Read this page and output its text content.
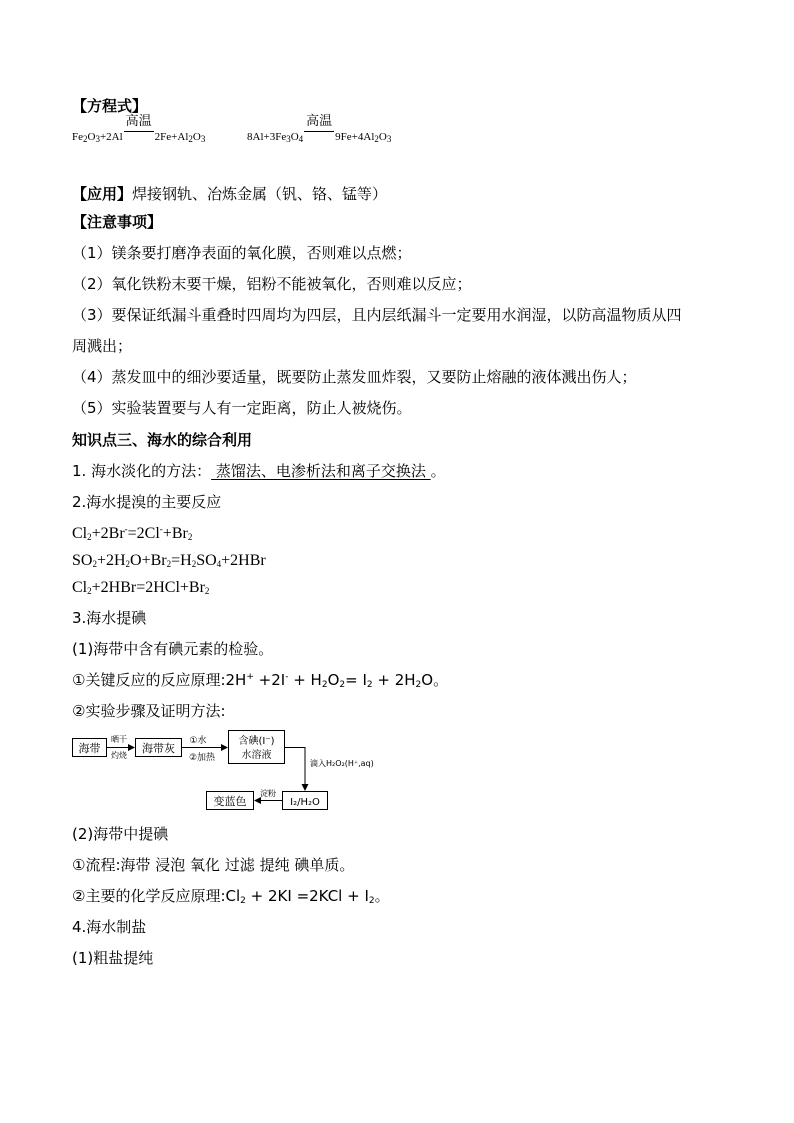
【方程式】
$Fe_2O_3+2Al$
高温
$2Fe+Al_2O_3$	$8Al+3Fe_3O_4$
高温
$9Fe+4Al_2O_3$
【应用】焊接钢轨、冶炼金属（钒、铬、锰等）
【注意事项】
（1）镁条要打磨净表面的氧化膜，否则难以点燃；
（2）氧化铁粉末要干燥，铝粉不能被氧化，否则难以反应；
（3）要保证纸漏斗重叠时四周均为四层，且内层纸漏斗一定要用水润湿，以防高温物质从四
周溅出；
（4）蒸发皿中的细沙要适量，既要防止蒸发皿炸裂，又要防止熔融的液体溅出伤人；
（5）实验装置要与人有一定距离，防止人被烧伤。
知识点三、海水的综合利用
1. 海水淡化的方法： 蒸馏法、电渗析法和离子交换法 。
2.海水提溴的主要反应
$Cl_2+2Br^-=2Cl^-+Br_2$
$SO_2+2H_2O+Br_2=H_2SO_4+2HBr$
$Cl_2+2HBr=2HCl+Br_2$
3.海水提碘
(1)海带中含有碘元素的检验。
①关键反应的反应原理:2H+ $+2I^- + H_2O_2= I_2 + 2H_2O$。
②实验步骤及证明方法:
海带
晒干
灼烧
海带灰
①水
②加热
含碘(I⁻)
水溶液
滴入H₂O₂(H⁺,aq)
I₂/H₂O
淀粉
变蓝色
(2)海带中提碘
①流程:海带 浸泡 氧化 过滤 提纯 碘单质。
②主要的化学反应原理$:Cl_2 + 2KI =2KCl + I_2$。
4.海水制盐
(1)粗盐提纯
